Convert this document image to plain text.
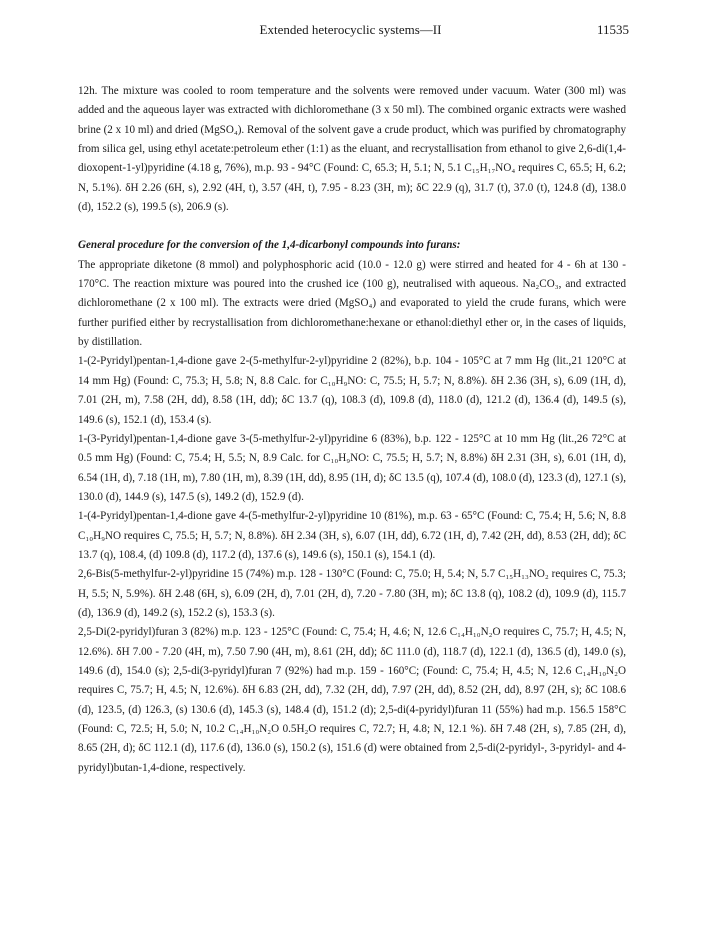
Extended heterocyclic systems—II	11535

12h. The mixture was cooled to room temperature and the solvents were removed under vacuum. Water (300 ml) was added and the aqueous layer was extracted with dichloromethane (3 x 50 ml). The combined organic extracts were washed brine (2 x 10 ml) and dried (MgSO₄). Removal of the solvent gave a crude product, which was purified by chromatography from silica gel, using ethyl acetate:petroleum ether (1:1) as the eluant, and recrystallisation from ethanol to give 2,6-di(1,4-dioxopent-1-yl)pyridine (4.18 g, 76%), m.p. 93 - 94°C (Found: C, 65.3; H, 5.1; N, 5.1 C₁₅H₁₇NO₄ requires C, 65.5; H, 6.2; N, 5.1%). δH 2.26 (6H, s), 2.92 (4H, t), 3.57 (4H, t), 7.95 - 8.23 (3H, m); δC 22.9 (q), 31.7 (t), 37.0 (t), 124.8 (d), 138.0 (d), 152.2 (s), 199.5 (s), 206.9 (s).

General procedure for the conversion of the 1,4-dicarbonyl compounds into furans:

The appropriate diketone (8 mmol) and polyphosphoric acid (10.0 - 12.0 g) were stirred and heated for 4 - 6h at 130 - 170°C. The reaction mixture was poured into the crushed ice (100 g), neutralised with aqueous. Na₂CO₃, and extracted dichloromethane (2 x 100 ml). The extracts were dried (MgSO₄) and evaporated to yield the crude furans, which were further purified either by recrystallisation from dichloromethane:hexane or ethanol:diethyl ether or, in the cases of liquids, by distillation.

1-(2-Pyridyl)pentan-1,4-dione gave 2-(5-methylfur-2-yl)pyridine 2 (82%), b.p. 104 - 105°C at 7 mm Hg (lit.,21 120°C at 14 mm Hg) (Found: C, 75.3; H, 5.8; N, 8.8 Calc. for C₁₀H₉NO: C, 75.5; H, 5.7; N, 8.8%). δH 2.36 (3H, s), 6.09 (1H, d), 7.01 (2H, m), 7.58 (2H, dd), 8.58 (1H, dd); δC 13.7 (q), 108.3 (d), 109.8 (d), 118.0 (d), 121.2 (d), 136.4 (d), 149.5 (s), 149.6 (s), 152.1 (d), 153.4 (s).

1-(3-Pyridyl)pentan-1,4-dione gave 3-(5-methylfur-2-yl)pyridine 6 (83%), b.p. 122 - 125°C at 10 mm Hg (lit.,26 72°C at 0.5 mm Hg) (Found: C, 75.4; H, 5.5; N, 8.9 Calc. for C₁₀H₉NO: C, 75.5; H, 5.7; N, 8.8%) δH 2.31 (3H, s), 6.01 (1H, d), 6.54 (1H, d), 7.18 (1H, m), 7.80 (1H, m), 8.39 (1H, dd), 8.95 (1H, d); δC 13.5 (q), 107.4 (d), 108.0 (d), 123.3 (d), 127.1 (s), 130.0 (d), 144.9 (s), 147.5 (s), 149.2 (d), 152.9 (d).

1-(4-Pyridyl)pentan-1,4-dione gave 4-(5-methylfur-2-yl)pyridine 10 (81%), m.p. 63 - 65°C (Found: C, 75.4; H, 5.6; N, 8.8 C₁₀H₉NO requires C, 75.5; H, 5.7; N, 8.8%). δH 2.34 (3H, s), 6.07 (1H, dd), 6.72 (1H, d), 7.42 (2H, dd), 8.53 (2H, dd); δC 13.7 (q), 108.4, (d) 109.8 (d), 117.2 (d), 137.6 (s), 149.6 (s), 150.1 (s), 154.1 (d).

2,6-Bis(5-methylfur-2-yl)pyridine 15 (74%) m.p. 128 - 130°C (Found: C, 75.0; H, 5.4; N, 5.7 C₁₅H₁₃NO₂ requires C, 75.3; H, 5.5; N, 5.9%). δH 2.48 (6H, s), 6.09 (2H, d), 7.01 (2H, d), 7.20 - 7.80 (3H, m); δC 13.8 (q), 108.2 (d), 109.9 (d), 115.7 (d), 136.9 (d), 149.2 (s), 152.2 (s), 153.3 (s).

2,5-Di(2-pyridyl)furan 3 (82%) m.p. 123 - 125°C (Found: C, 75.4; H, 4.6; N, 12.6 C₁₄H₁₀N₂O requires C, 75.7; H, 4.5; N, 12.6%). δH 7.00 - 7.20 (4H, m), 7.50 7.90 (4H, m), 8.61 (2H, dd); δC 111.0 (d), 118.7 (d), 122.1 (d), 136.5 (d), 149.0 (s), 149.6 (d), 154.0 (s); 2,5-di(3-pyridyl)furan 7 (92%) had m.p. 159 - 160°C; (Found: C, 75.4; H, 4.5; N, 12.6 C₁₄H₁₀N₂O requires C, 75.7; H, 4.5; N, 12.6%). δH 6.83 (2H, dd), 7.32 (2H, dd), 7.97 (2H, dd), 8.52 (2H, dd), 8.97 (2H, s); δC 108.6 (d), 123.5, (d) 126.3, (s) 130.6 (d), 145.3 (s), 148.4 (d), 151.2 (d); 2,5-di(4-pyridyl)furan 11 (55%) had m.p. 156.5 158°C (Found: C, 72.5; H, 5.0; N, 10.2 C₁₄H₁₀N₂O 0.5H₂O requires C, 72.7; H, 4.8; N, 12.1 %). δH 7.48 (2H, s), 7.85 (2H, d), 8.65 (2H, d); δC 112.1 (d), 117.6 (d), 136.0 (s), 150.2 (s), 151.6 (d) were obtained from 2,5-di(2-pyridyl-, 3-pyridyl- and 4-pyridyl)butan-1,4-dione, respectively.
